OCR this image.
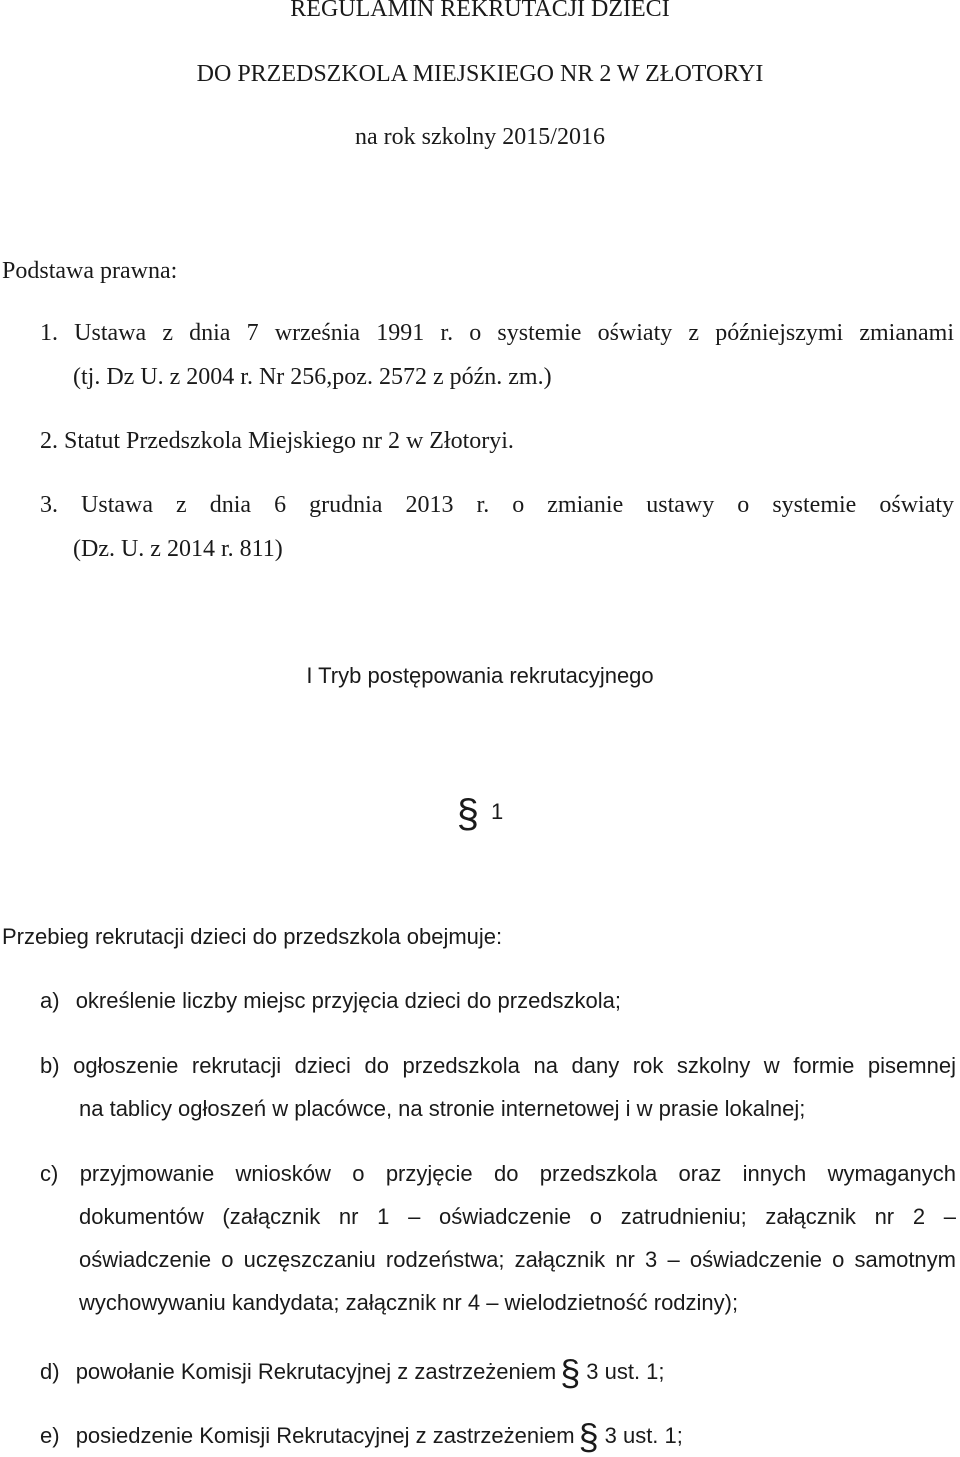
REGULAMIN REKRUTACJI DZIECI
DO PRZEDSZKOLA MIEJSKIEGO NR 2 W ZŁOTORYI
na rok szkolny 2015/2016
Podstawa prawna:
1. Ustawa z dnia 7 września 1991 r. o systemie oświaty z późniejszymi zmianami
(tj. Dz U. z 2004 r. Nr 256,poz. 2572 z późn. zm.)
2. Statut Przedszkola Miejskiego nr 2 w Złotoryi.
3. Ustawa z dnia 6 grudnia 2013 r. o zmianie ustawy o systemie oświaty
(Dz. U. z 2014 r. 811)
I Tryb postępowania rekrutacyjnego
§ 1
Przebieg rekrutacji dzieci do przedszkola obejmuje:
a) określenie liczby miejsc przyjęcia dzieci do przedszkola;
b) ogłoszenie rekrutacji dzieci do przedszkola na dany rok szkolny w formie pisemnej
na tablicy ogłoszeń w placówce, na stronie internetowej i w prasie lokalnej;
c) przyjmowanie wniosków o przyjęcie do przedszkola oraz innych wymaganych
dokumentów (załącznik nr 1 – oświadczenie o zatrudnieniu; załącznik nr 2 –
oświadczenie o uczęszczaniu rodzeństwa; załącznik nr 3 – oświadczenie o samotnym
wychowywaniu kandydata; załącznik nr 4 – wielodzietność rodziny);
d) powołanie Komisji Rekrutacyjnej z zastrzeżeniem § 3 ust. 1;
e) posiedzenie Komisji Rekrutacyjnej z zastrzeżeniem § 3 ust. 1;
